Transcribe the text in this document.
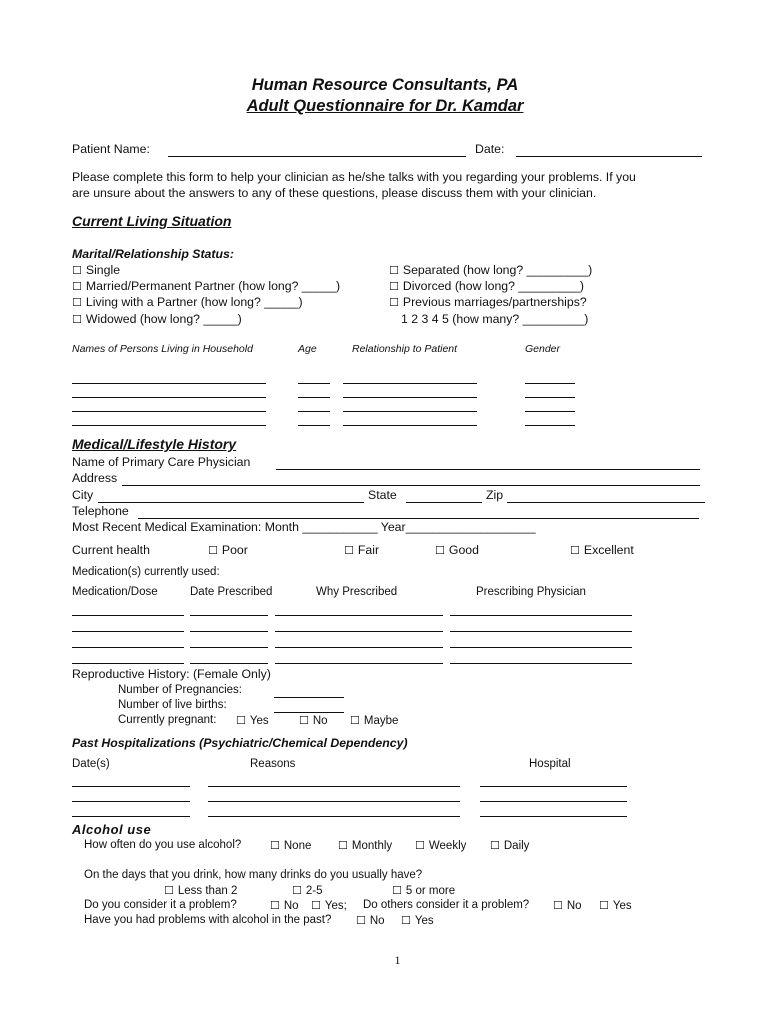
Human Resource Consultants, PA
Adult Questionnaire for Dr. Kamdar
Patient Name:	Date:
Please complete this form to help your clinician as he/she talks with you regarding your problems. If you
are unsure about the answers to any of these questions, please discuss them with your clinician.
Current Living Situation
Marital/Relationship Status:
☐ Single
☐ Married/Permanent Partner (how long? _____)
☐ Living with a Partner (how long? _____)
☐ Widowed (how long? _____)
☐ Separated (how long? _________)
☐ Divorced (how long? _________)
☐ Previous marriages/partnerships?
1 2 3 4 5 (how many? _________)
Names of Persons Living in Household	Age	Relationship to Patient	Gender
Medical/Lifestyle History
Name of Primary Care Physician
Address
City	State	Zip
Telephone
Most Recent Medical Examination: Month ___________ Year___________________
Current health	☐ Poor	☐ Fair	☐ Good	☐ Excellent
Medication(s) currently used:
Medication/Dose	Date Prescribed	Why Prescribed	Prescribing Physician
Reproductive History: (Female Only)
Number of Pregnancies:
Number of live births:
Currently pregnant:	☐ Yes	☐ No	☐ Maybe
Past Hospitalizations (Psychiatric/Chemical Dependency)
Date(s)	Reasons	Hospital
Alcohol use
How often do you use alcohol?	☐ None	☐ Monthly	☐ Weekly	☐ Daily
On the days that you drink, how many drinks do you usually have?
☐ Less than 2	☐ 2-5	☐ 5 or more
Do you consider it a problem?	☐ No	☐ Yes; Do others consider it a problem?	☐ No	☐ Yes
Have you had problems with alcohol in the past?	☐ No	☐ Yes
1
